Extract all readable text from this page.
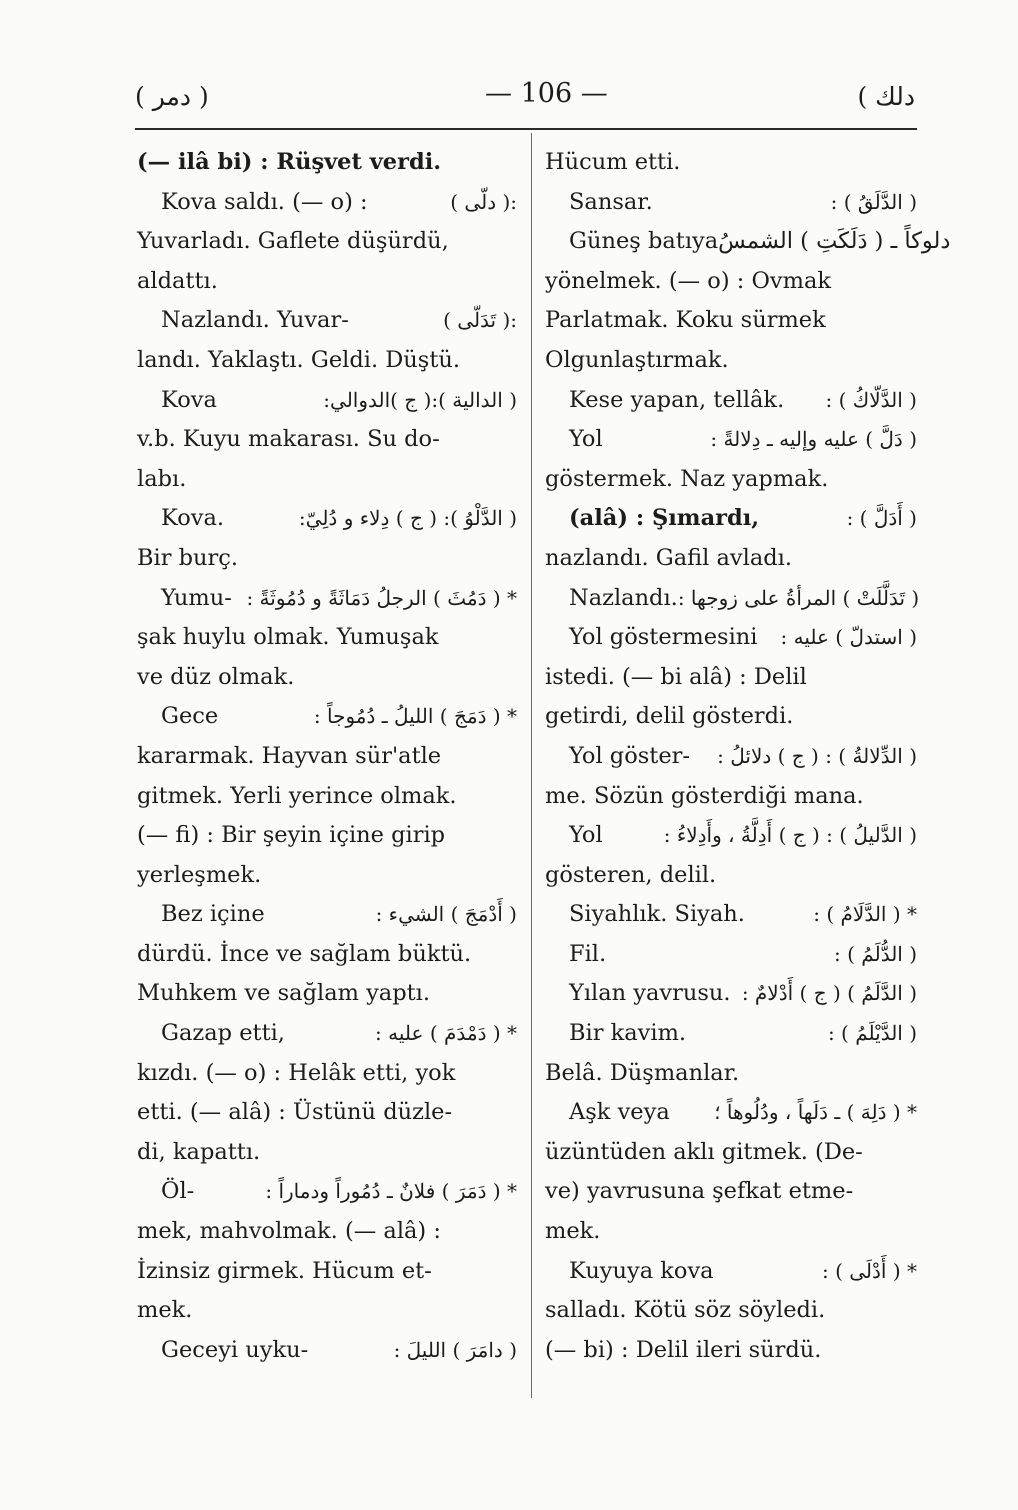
( دمر )	— 106 —	( دلك
(— ilâ bi) : Rüşvet verdi.
Kova saldı. (— o) :	:( دلّى )
Yuvarladı. Gaflete düşürdü,
aldattı.
Nazlandı. Yuvar-	:( تَدَلّى )
landı. Yaklaştı. Geldi. Düştü.
Kova	( الدالية ):( ج )الدوالي:
v.b. Kuyu makarası. Su do-
labı.
Kova.	( الدَّلْوُ ): ( ج ) دِلاء و دُلِيّ:
Bir burç.
Yumu- * ( دَمُثَ ) الرجلُ دَمَاثَةً و دُمُوثَةً :
şak huylu olmak. Yumuşak
ve düz olmak.
Gece	* ( دَمَجَ ) الليلُ ـ دُمُوجاً :
kararmak. Hayvan sür'atle
gitmek. Yerli yerince olmak.
(— fi) : Bir şeyin içine girip
yerleşmek.
Bez içine	( أَدْمَجَ ) الشيء :
dürdü. İnce ve sağlam büktü.
Muhkem ve sağlam yaptı.
Gazap etti,	* ( دَمْدَمَ ) عليه :
kızdı. (— o) : Helâk etti, yok
etti. (— alâ) : Üstünü düzle-
di, kapattı.
Öl-	* ( دَمَرَ ) فلانٌ ـ دُمُوراً ودماراً :
mek, mahvolmak. (— alâ) :
İzinsiz girmek. Hücum et-
mek.
Geceyi uyku-	( دامَرَ ) الليلَ :
Hücum etti.
Sansar.	( الدَّلَقُ ) :
Güneş batıyaدلوكاً ـ ( دَلَكَتِ ) الشمسُ
yönelmek. (— o) : Ovmak
Parlatmak. Koku sürmek
Olgunlaştırmak.
Kese yapan, tellâk. ( الدَّلّاكُ ) :
Yol	( دَلَّ ) عليه وإليه ـ دِلالةً :
göstermek. Naz yapmak.
(alâ) : Şımardı,	( أَدَلَّ ) :
nazlandı. Gafil avladı.
Nazlandı. ( تَدَلَّلَتْ ) المرأةُ على زوجها :
Yol göstermesini ( استدلّ ) عليه :
istedi. (— bi alâ) : Delil
getirdi, delil gösterdi.
Yol göster- ( الدِّلالةُ ) : ( ج ) دلائلُ :
me. Sözün gösterdiği mana.
Yol	( الدَّليلُ ) : ( ج ) أَدِلَّةُ ، وأَدِلاءُ :
gösteren, delil.
Siyahlık. Siyah.	* ( الدَّلَامُ ) :
Fil.	( الدُّلَمُ ) :
Yılan yavrusu. ( الدَّلَمُ ) ( ج ) أَدْلامٌ :
Bir kavim.	( الدَّيْلَمُ ) :
Belâ. Düşmanlar.
Aşk veya * ( دَلِهَ ) ـ دَلَهاً ، ودُلُوهاً ؛
üzüntüden aklı gitmek. (De-
ve) yavrusuna şefkat etme-
mek.
Kuyuya kova	* ( أَدْلَى ) :
salladı. Kötü söz söyledi.
(— bi) : Delil ileri sürdü.
